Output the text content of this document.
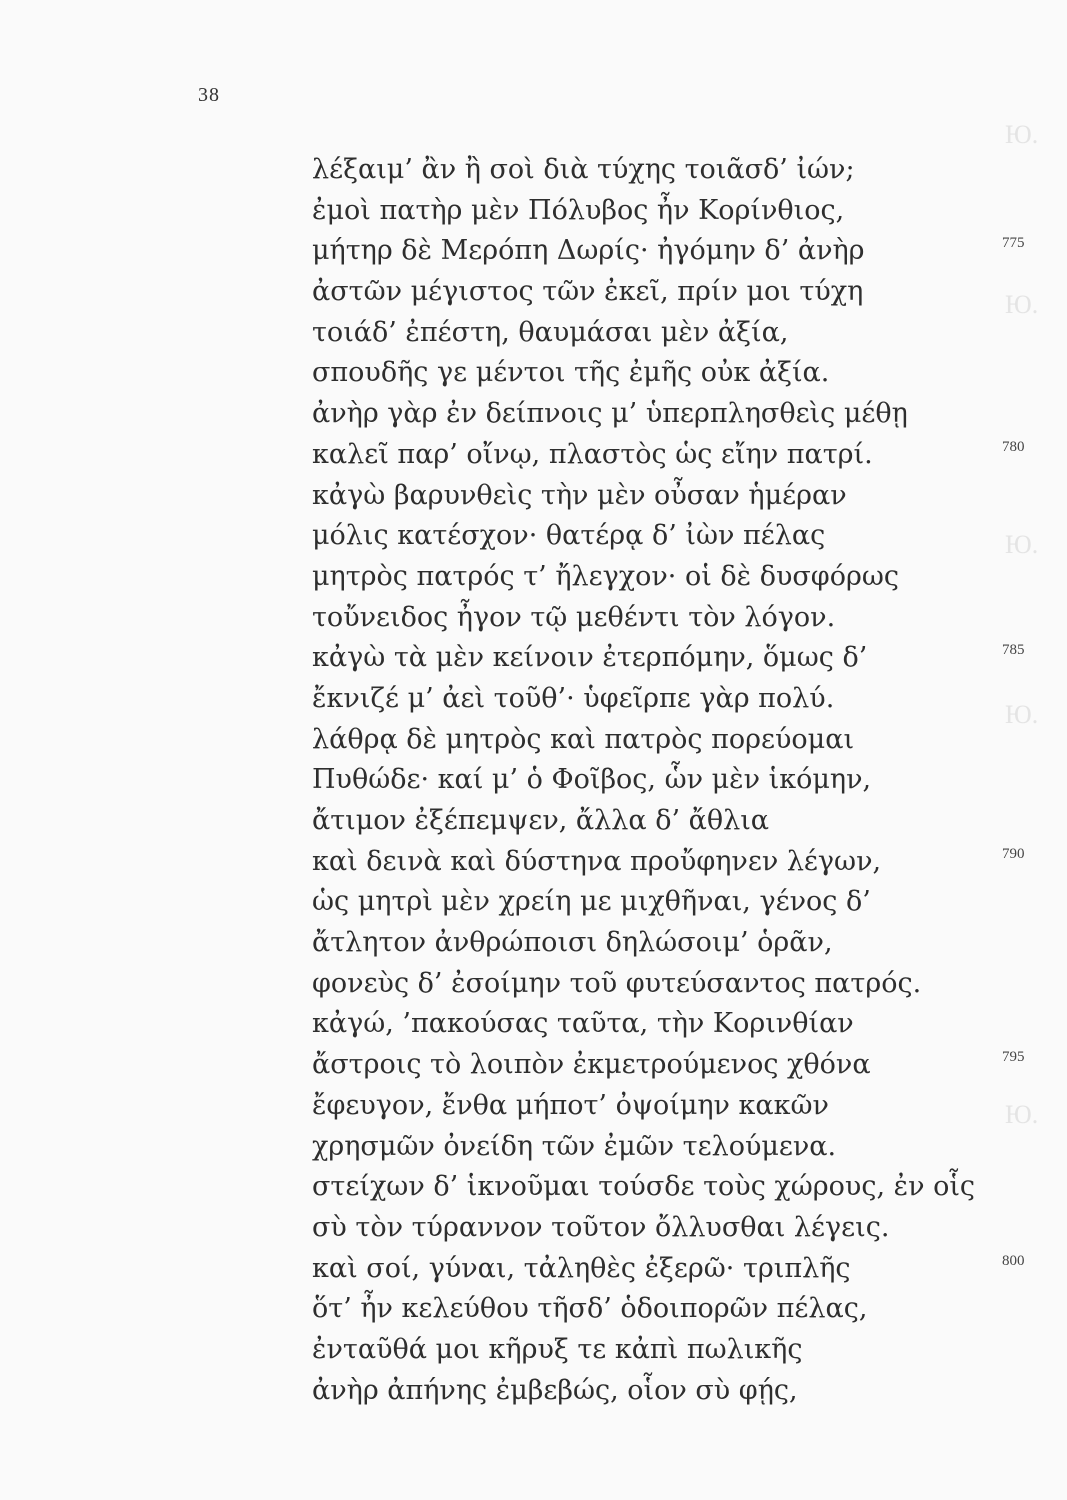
38
Ю.
Ю.
Ю.
Ю.
Ю.
λέξαιμ’ ἂν ἢ σοὶ διὰ τύχης τοιᾶσδ’ ἰών;
ἐμοὶ πατὴρ μὲν Πόλυβος ἦν Κορίνθιος,
μήτηρ δὲ Μερόπη Δωρίς· ἠγόμην δ’ ἀνὴρ	775
ἀστῶν μέγιστος τῶν ἐκεῖ, πρίν μοι τύχη
τοιάδ’ ἐπέστη, θαυμάσαι μὲν ἀξία,
σπουδῆς γε μέντοι τῆς ἐμῆς οὐκ ἀξία.
ἀνὴρ γὰρ ἐν δείπνοις μ’ ὑπερπλησθεὶς μέθῃ
καλεῖ παρ’ οἴνῳ, πλαστὸς ὡς εἴην πατρί.	780
κἀγὼ βαρυνθεὶς τὴν μὲν οὖσαν ἡμέραν
μόλις κατέσχον· θατέρᾳ δ’ ἰὼν πέλας
μητρὸς πατρός τ’ ἤλεγχον· οἱ δὲ δυσφόρως
τοὔνειδος ἦγον τῷ μεθέντι τὸν λόγον.
κἀγὼ τὰ μὲν κείνοιν ἐτερπόμην, ὅμως δ’	785
ἔκνιζέ μ’ ἀεὶ τοῦθ’· ὑφεῖρπε γὰρ πολύ.
λάθρᾳ δὲ μητρὸς καὶ πατρὸς πορεύομαι
Πυθώδε· καί μ’ ὁ Φοῖβος, ὧν μὲν ἱκόμην,
ἄτιμον ἐξέπεμψεν, ἄλλα δ’ ἄθλια
καὶ δεινὰ καὶ δύστηνα προὔφηνεν λέγων,	790
ὡς μητρὶ μὲν χρείη με μιχθῆναι, γένος δ’
ἄτλητον ἀνθρώποισι δηλώσοιμ’ ὁρᾶν,
φονεὺς δ’ ἐσοίμην τοῦ φυτεύσαντος πατρός.
κἀγώ, ’πακούσας ταῦτα, τὴν Κορινθίαν
ἄστροις τὸ λοιπὸν ἐκμετρούμενος χθόνα	795
ἔφευγον, ἔνθα μήποτ’ ὀψοίμην κακῶν
χρησμῶν ὀνείδη τῶν ἐμῶν τελούμενα.
στείχων δ’ ἱκνοῦμαι τούσδε τοὺς χώρους, ἐν οἷς
σὺ τὸν τύραννον τοῦτον ὄλλυσθαι λέγεις.
καὶ σοί, γύναι, τἀληθὲς ἐξερῶ· τριπλῆς	800
ὅτ’ ἦν κελεύθου τῆσδ’ ὁδοιπορῶν πέλας,
ἐνταῦθά μοι κῆρυξ τε κἀπὶ πωλικῆς
ἀνὴρ ἀπήνης ἐμβεβώς, οἷον σὺ φῄς,
